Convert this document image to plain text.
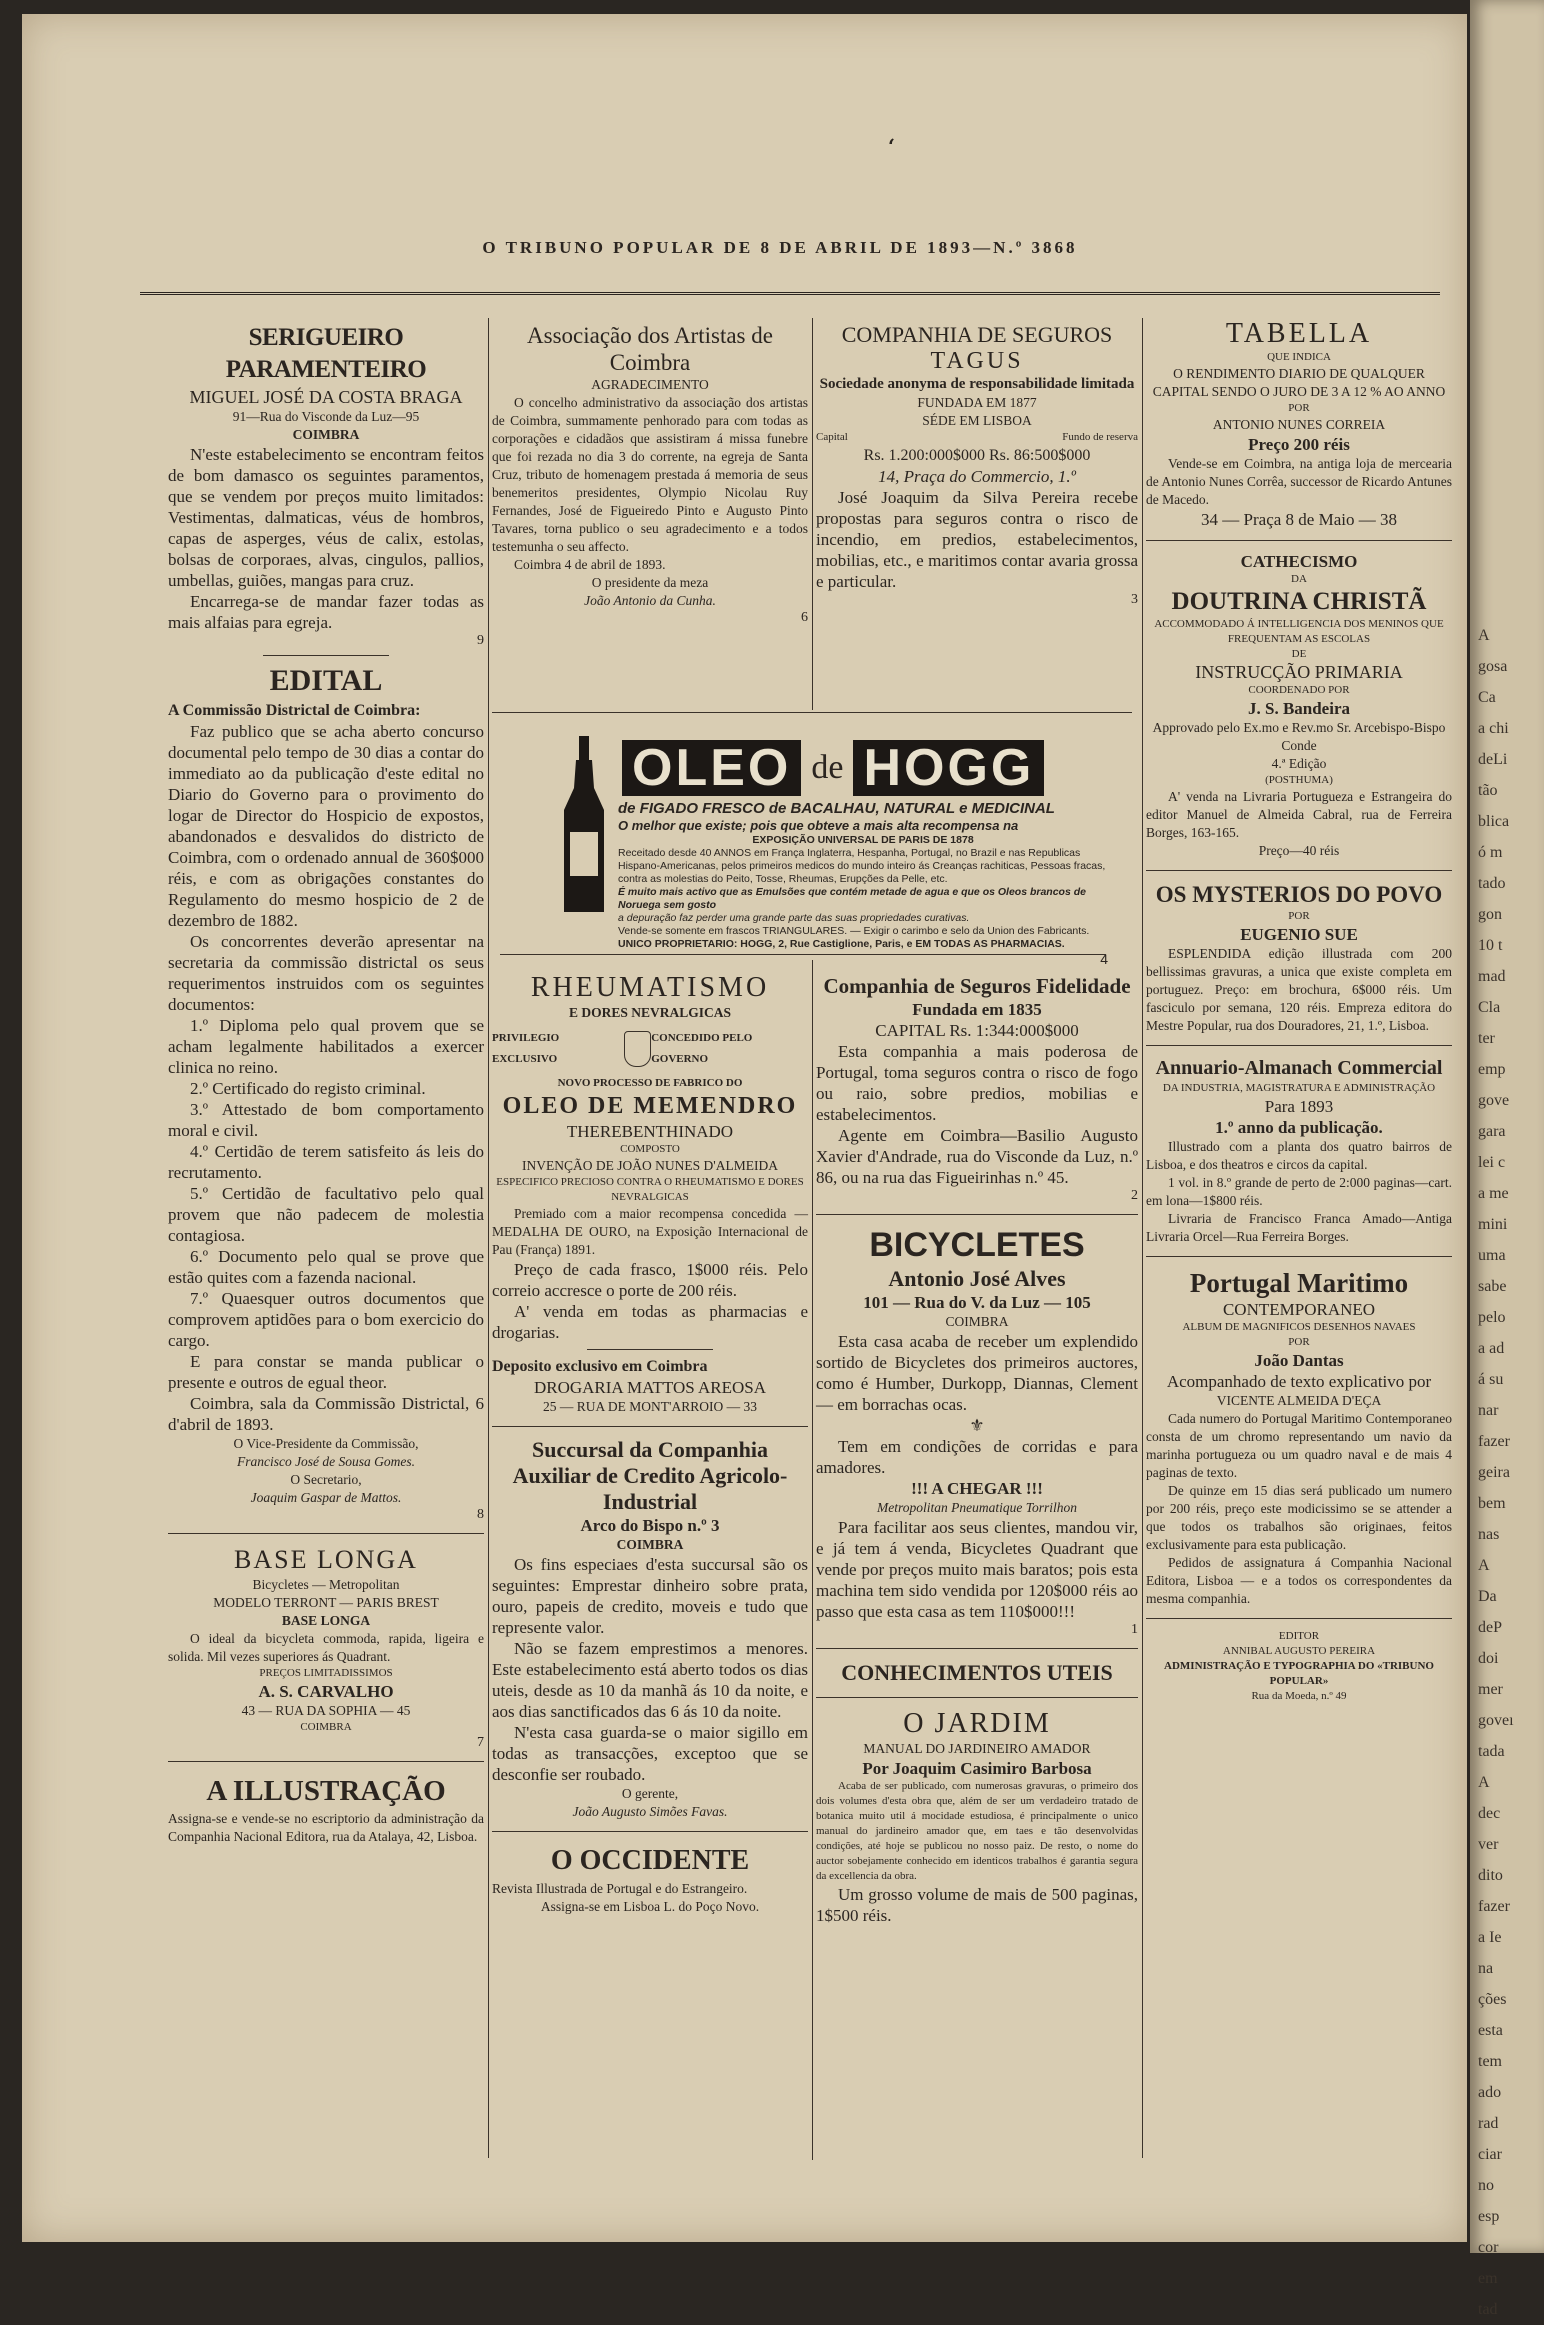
A
gosa
Ca
a chi
deLi
tão
blica
ó m
tado
gon
10 t
mad
Cla
ter
emp
gove
gara
lei c
a me
mini
uma
sabe
pelo
a ad
á su
nar
fazer
geira
bem
nas
A
Da
deP
doi
mer
goveı
tada
A
dec
ver
dito
fazer
a Ie
na
ções
esta
tem
ado
rad
ciar
no
esp
cor
em
tad
ʻ
O TRIBUNO POPULAR DE 8 DE ABRIL DE 1893—N.º 3868

SERIGUEIRO PARAMENTEIRO

MIGUEL JOSÉ DA COSTA BRAGA

91—Rua do Visconde da Luz—95

COIMBRA

N'este estabelecimento se encontram feitos de bom damasco os seguintes paramentos, que se vendem por preços muito limitados: Vestimentas, dalmaticas, véus de hombros, capas de asperges, véus de calix, estolas, bolsas de corporaes, alvas, cingulos, pallios, umbellas, guiões, mangas para cruz.

Encarrega-se de mandar fazer todas as mais alfaias para egreja.

9

EDITAL

A Commissão Districtal de Coimbra:

Faz publico que se acha aberto concurso documental pelo tempo de 30 dias a contar do immediato ao da publicação d'este edital no Diario do Governo para o provimento do logar de Director do Hospicio de expostos, abandonados e desvalidos do districto de Coimbra, com o ordenado annual de 360$000 réis, e com as obrigações constantes do Regulamento do mesmo hospicio de 2 de dezembro de 1882.

Os concorrentes deverão apresentar na secretaria da commissão districtal os seus requerimentos instruidos com os seguintes documentos:

1.º Diploma pelo qual provem que se acham legalmente habilitados a exercer clinica no reino.

2.º Certificado do registo criminal.

3.º Attestado de bom comportamento moral e civil.

4.º Certidão de terem satisfeito ás leis do recrutamento.

5.º Certidão de facultativo pelo qual provem que não padecem de molestia contagiosa.

6.º Documento pelo qual se prove que estão quites com a fazenda nacional.

7.º Quaesquer outros documentos que comprovem aptidões para o bom exercicio do cargo.

E para constar se manda publicar o presente e outros de egual theor.

Coimbra, sala da Commissão Districtal, 6 d'abril de 1893.

O Vice-Presidente da Commissão,

Francisco José de Sousa Gomes.

O Secretario,

Joaquim Gaspar de Mattos.

8

BASE LONGA

Bicycletes — Metropolitan

MODELO TERRONT — PARIS BREST

BASE LONGA

O ideal da bicycleta commoda, rapida, ligeira e solida. Mil vezes superiores ás Quadrant.

PREÇOS LIMITADISSIMOS

A. S. CARVALHO

43 — RUA DA SOPHIA — 45

COIMBRA

7

A ILLUSTRAÇÃO

Assigna-se e vende-se no escriptorio da administração da Companhia Nacional Editora, rua da Atalaya, 42, Lisboa.

Associação dos Artistas de Coimbra

AGRADECIMENTO

O concelho administrativo da associação dos artistas de Coimbra, summamente penhorado para com todas as corporações e cidadãos que assistiram á missa funebre que foi rezada no dia 3 do corrente, na egreja de Santa Cruz, tributo de homenagem prestada á memoria de seus benemeritos presidentes, Olympio Nicolau Ruy Fernandes, José de Figueiredo Pinto e Augusto Pinto Tavares, torna publico o seu agradecimento e a todos testemunha o seu affecto.

Coimbra 4 de abril de 1893.

O presidente da meza

João Antonio da Cunha.

6

OLEO de HOGG

de FIGADO FRESCO de BACALHAU, NATURAL e MEDICINAL

O melhor que existe; pois que obteve a mais alta recompensa na

EXPOSIÇÃO UNIVERSAL DE PARIS DE 1878

Receitado desde 40 ANNOS em França Inglaterra, Hespanha, Portugal, no Brazil e nas Republicas Hispano-Americanas, pelos primeiros medicos do mundo inteiro ás Creanças rachiticas, Pessoas fracas, contra as molestias do Peito, Tosse, Rheumas, Erupções da Pelle, etc.

É muito mais activo que as Emulsões que contém metade de agua e que os Oleos brancos de Noruega sem gosto

a depuração faz perder uma grande parte das suas propriedades curativas.

Vende-se somente em frascos TRIANGULARES. — Exigir o carimbo e selo da Union des Fabricants.

UNICO PROPRIETARIO: HOGG, 2, Rue Castiglione, Paris, e EM TODAS AS PHARMACIAS.

4

RHEUMATISMO

E DORES NEVRALGICAS

PRIVILEGIO EXCLUSIVO
CONCEDIDO PELO GOVERNO

NOVO PROCESSO DE FABRICO DO

OLEO DE MEMENDRO

THEREBENTHINADO

COMPOSTO

INVENÇÃO DE JOÃO NUNES D'ALMEIDA

ESPECIFICO PRECIOSO CONTRA O RHEUMATISMO E DORES NEVRALGICAS

Premiado com a maior recompensa concedida — MEDALHA DE OURO, na Exposição Internacional de Pau (França) 1891.

Preço de cada frasco, 1$000 réis. Pelo correio accresce o porte de 200 réis.

A' venda em todas as pharmacias e drogarias.

Deposito exclusivo em Coimbra

DROGARIA MATTOS AREOSA

25 — RUA DE MONT'ARROIO — 33

Succursal da Companhia Auxiliar de Credito Agricolo-Industrial

Arco do Bispo n.º 3

COIMBRA

Os fins especiaes d'esta succursal são os seguintes: Emprestar dinheiro sobre prata, ouro, papeis de credito, moveis e tudo que represente valor.

Não se fazem emprestimos a menores. Este estabelecimento está aberto todos os dias uteis, desde as 10 da manhã ás 10 da noite, e aos dias sanctificados das 6 ás 10 da noite.

N'esta casa guarda-se o maior sigillo em todas as transacções, exceptoo que se desconfie ser roubado.

O gerente,

João Augusto Simões Favas.

O OCCIDENTE

Revista Illustrada de Portugal e do Estrangeiro.

Assigna-se em Lisboa L. do Poço Novo.

COMPANHIA DE SEGUROS

TAGUS

Sociedade anonyma de responsabilidade limitada

FUNDADA EM 1877

SÉDE EM LISBOA

Capital	Fundo de reserva

Rs. 1.200:000$000 Rs. 86:500$000

14, Praça do Commercio, 1.º

José Joaquim da Silva Pereira recebe propostas para seguros contra o risco de incendio, em predios, estabelecimentos, mobilias, etc., e maritimos contar avaria grossa e particular.

3

Companhia de Seguros Fidelidade

Fundada em 1835

CAPITAL Rs. 1:344:000$000

Esta companhia a mais poderosa de Portugal, toma seguros contra o risco de fogo ou raio, sobre predios, mobilias e estabelecimentos.

Agente em Coimbra—Basilio Augusto Xavier d'Andrade, rua do Visconde da Luz, n.º 86, ou na rua das Figueirinhas n.º 45.

2

BICYCLETES

Antonio José Alves

101 — Rua do V. da Luz — 105

COIMBRA

Esta casa acaba de receber um explendido sortido de Bicycletes dos primeiros auctores, como é Humber, Durkopp, Diannas, Clement — em borrachas ocas.

⚜

Tem em condições de corridas e para amadores.

!!! A CHEGAR !!!

Metropolitan Pneumatique Torrilhon

Para facilitar aos seus clientes, mandou vir, e já tem á venda, Bicycletes Quadrant que vende por preços muito mais baratos; pois esta machina tem sido vendida por 120$000 réis ao passo que esta casa as tem 110$000!!!

1

CONHECIMENTOS UTEIS

O JARDIM

MANUAL DO JARDINEIRO AMADOR

Por Joaquim Casimiro Barbosa

Acaba de ser publicado, com numerosas gravuras, o primeiro dos dois volumes d'esta obra que, além de ser um verdadeiro tratado de botanica muito util á mocidade estudiosa, é principalmente o unico manual do jardineiro amador que, em taes e tão desenvolvidas condições, até hoje se publicou no nosso paiz. De resto, o nome do auctor sobejamente conhecido em identicos trabalhos é garantia segura da excellencia da obra.

Um grosso volume de mais de 500 paginas, 1$500 réis.

TABELLA

QUE INDICA

O RENDIMENTO DIARIO DE QUALQUER CAPITAL SENDO O JURO DE 3 A 12 % AO ANNO

POR

ANTONIO NUNES CORREIA

Preço 200 réis

Vende-se em Coimbra, na antiga loja de mercearia de Antonio Nunes Corrêa, successor de Ricardo Antunes de Macedo.

34 — Praça 8 de Maio — 38

CATHECISMO

DA

DOUTRINA CHRISTÃ

ACCOMMODADO Á INTELLIGENCIA DOS MENINOS QUE FREQUENTAM AS ESCOLAS

DE

INSTRUCÇÃO PRIMARIA

COORDENADO POR

J. S. Bandeira

Approvado pelo Ex.mo e Rev.mo Sr. Arcebispo-Bispo Conde

4.ª Edição

(POSTHUMA)

A' venda na Livraria Portugueza e Estrangeira do editor Manuel de Almeida Cabral, rua de Ferreira Borges, 163-165.

Preço—40 réis

OS MYSTERIOS DO POVO

POR

EUGENIO SUE

ESPLENDIDA edição illustrada com 200 bellissimas gravuras, a unica que existe completa em portuguez. Preço: em brochura, 6$000 réis. Um fasciculo por semana, 120 réis. Empreza editora do Mestre Popular, rua dos Douradores, 21, 1.º, Lisboa.

Annuario-Almanach Commercial

DA INDUSTRIA, MAGISTRATURA E ADMINISTRAÇÃO

Para 1893

1.º anno da publicação.

Illustrado com a planta dos quatro bairros de Lisboa, e dos theatros e circos da capital.

1 vol. in 8.º grande de perto de 2:000 paginas—cart. em lona—1$800 réis.

Livraria de Francisco Franca Amado—Antiga Livraria Orcel—Rua Ferreira Borges.

Portugal Maritimo

CONTEMPORANEO

ALBUM DE MAGNIFICOS DESENHOS NAVAES

POR

João Dantas

Acompanhado de texto explicativo por

VICENTE ALMEIDA D'EÇA

Cada numero do Portugal Maritimo Contemporaneo consta de um chromo representando um navio da marinha portugueza ou um quadro naval e de mais 4 paginas de texto.

De quinze em 15 dias será publicado um numero por 200 réis, preço este modicissimo se se attender a que todos os trabalhos são originaes, feitos exclusivamente para esta publicação.

Pedidos de assignatura á Companhia Nacional Editora, Lisboa — e a todos os correspondentes da mesma companhia.

EDITOR

ANNIBAL AUGUSTO PEREIRA

ADMINISTRAÇÃO E TYPOGRAPHIA DO «TRIBUNO POPULAR»

Rua da Moeda, n.º 49
